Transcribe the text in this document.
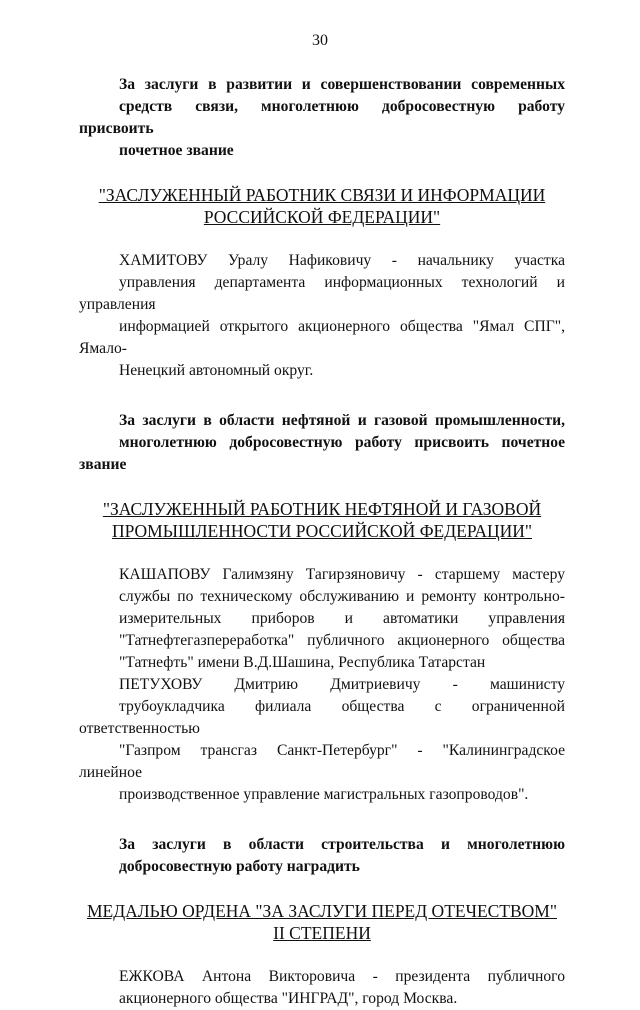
30

За заслуги в развитии и совершенствовании современных
средств связи, многолетнюю добросовестную работу присвоить
почетное звание

"ЗАСЛУЖЕННЫЙ РАБОТНИК СВЯЗИ И ИНФОРМАЦИИ
РОССИЙСКОЙ ФЕДЕРАЦИИ"

ХАМИТОВУ Уралу Нафиковичу - начальнику участка
управления департамента информационных технологий и управления
информацией открытого акционерного общества "Ямал СПГ", Ямало-
Ненецкий автономный округ.

За заслуги в области нефтяной и газовой промышленности,
многолетнюю добросовестную работу присвоить почетное звание

"ЗАСЛУЖЕННЫЙ РАБОТНИК НЕФТЯНОЙ И ГАЗОВОЙ
ПРОМЫШЛЕННОСТИ РОССИЙСКОЙ ФЕДЕРАЦИИ"

КАШАПОВУ Галимзяну Тагирзяновичу - старшему мастеру
службы по техническому обслуживанию и ремонту контрольно-
измерительных приборов и автоматики управления
"Татнефтегазпереработка" публичного акционерного общества
"Татнефть" имени В.Д.Шашина, Республика Татарстан

ПЕТУХОВУ Дмитрию Дмитриевичу - машинисту
трубоукладчика филиала общества с ограниченной ответственностью
"Газпром трансгаз Санкт-Петербург" - "Калининградское линейное
производственное управление магистральных газопроводов".

За заслуги в области строительства и многолетнюю
добросовестную работу наградить

МЕДАЛЬЮ ОРДЕНА "ЗА ЗАСЛУГИ ПЕРЕД ОТЕЧЕСТВОМ"
II СТЕПЕНИ

ЕЖКОВА Антона Викторовича - президента публичного
акционерного общества "ИНГРАД", город Москва.
